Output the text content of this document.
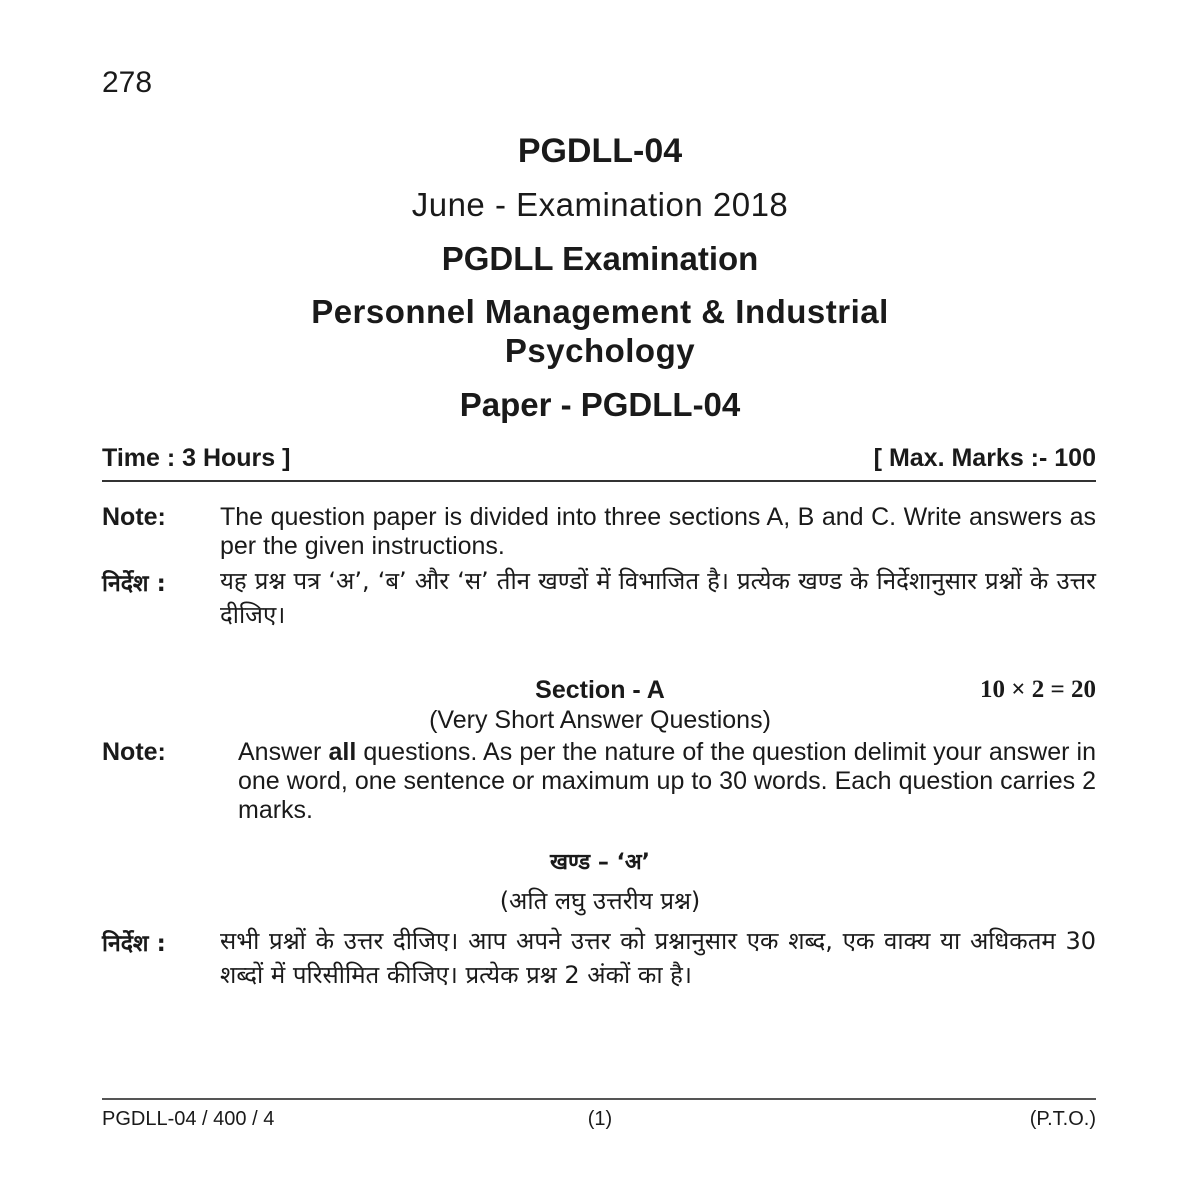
278
PGDLL-04
June - Examination 2018
PGDLL Examination
Personnel Management & Industrial
Psychology
Paper - PGDLL-04
Time : 3 Hours ]	[ Max. Marks :- 100
Note: The question paper is divided into three sections A, B and C. Write answers as per the given instructions.
निर्देश : यह प्रश्न पत्र ‘अ’, ‘ब’ और ‘स’ तीन खण्डों में विभाजित है। प्रत्येक खण्ड के निर्देशानुसार प्रश्नों के उत्तर दीजिए।
Section - A	10 × 2 = 20
(Very Short Answer Questions)
Note:	Answer all questions. As per the nature of the question delimit your answer in one word, one sentence or maximum up to 30 words. Each question carries 2 marks.
खण्ड – ‘अ’
(अति लघु उत्तरीय प्रश्न)
निर्देश : सभी प्रश्नों के उत्तर दीजिए। आप अपने उत्तर को प्रश्नानुसार एक शब्द, एक वाक्य या अधिकतम 30 शब्दों में परिसीमित कीजिए। प्रत्येक प्रश्न 2 अंकों का है।
PGDLL-04 / 400 / 4	(1)	(P.T.O.)
